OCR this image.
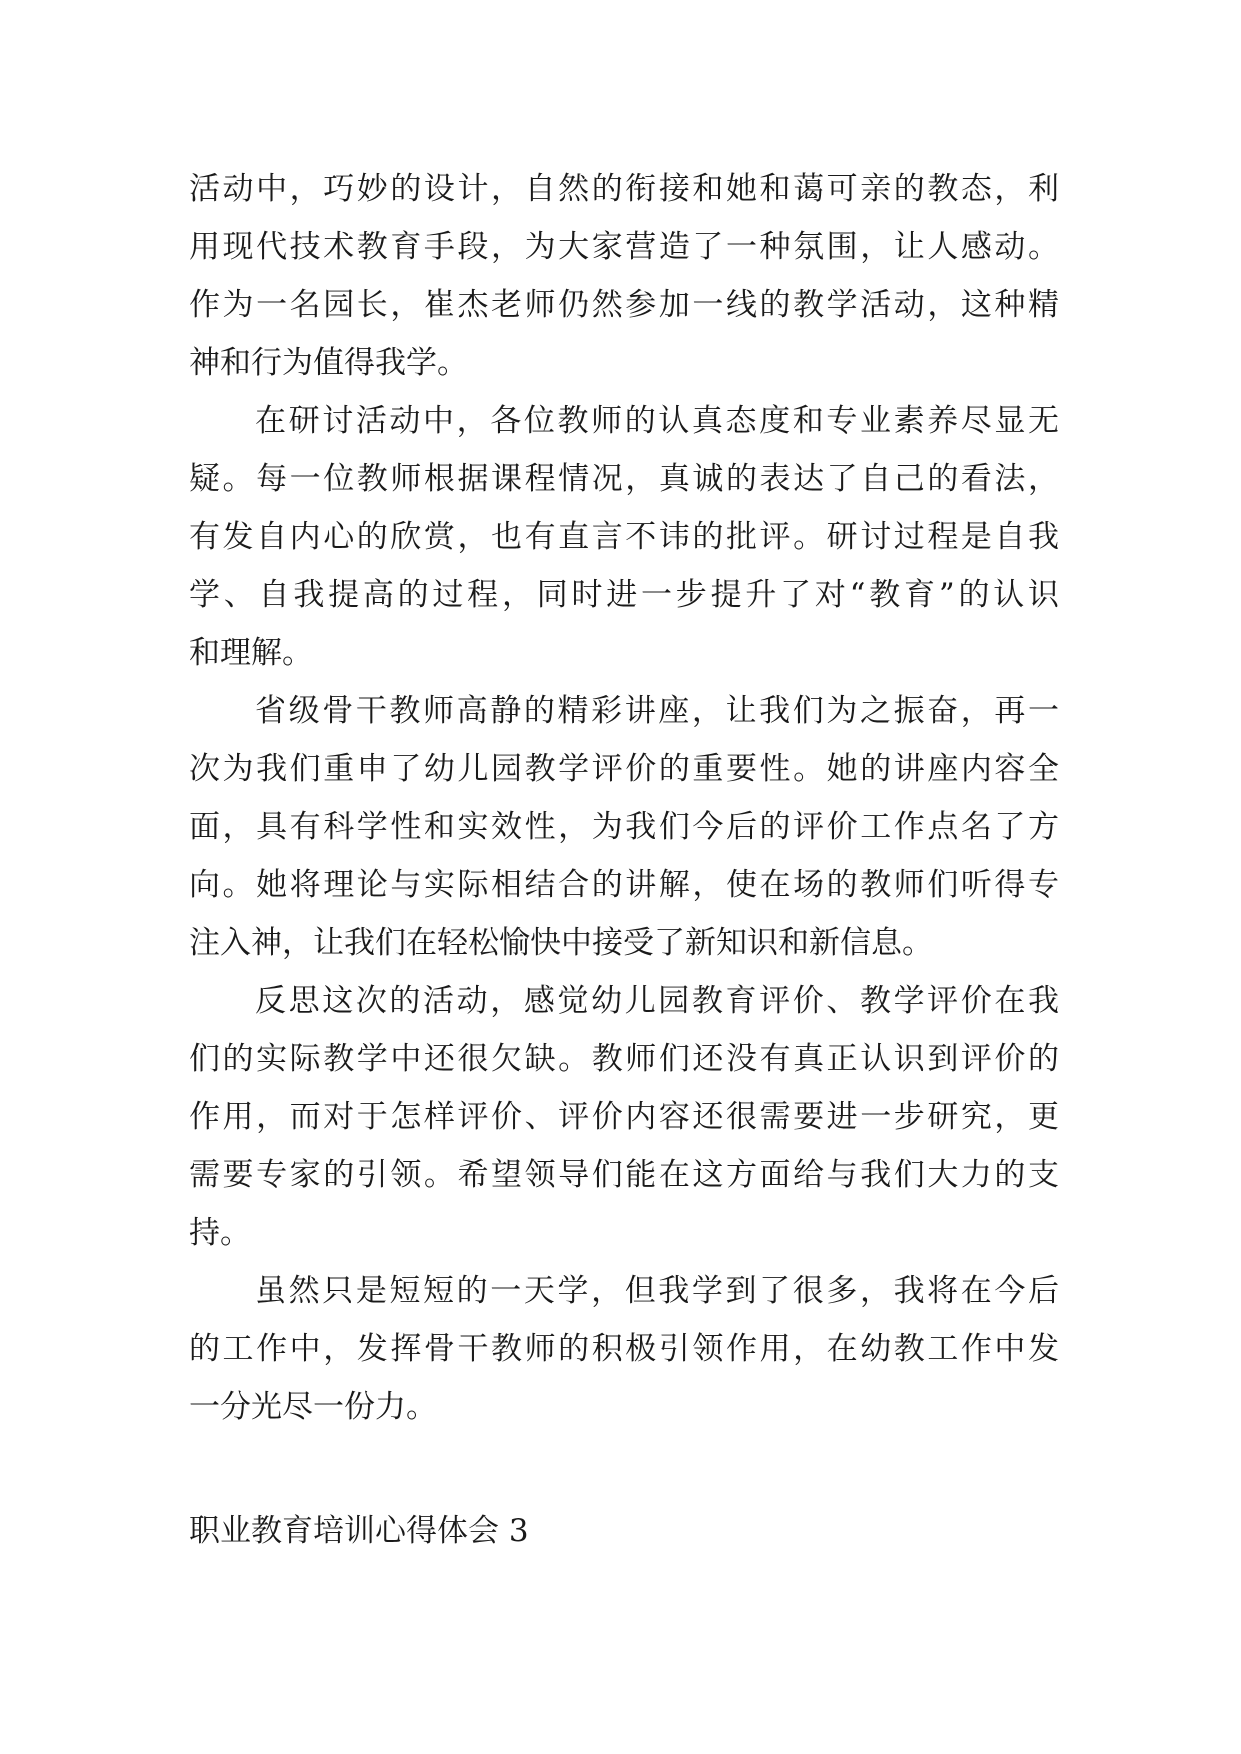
活动中，巧妙的设计，自然的衔接和她和蔼可亲的教态，利
用现代技术教育手段，为大家营造了一种氛围，让人感动。
作为一名园长，崔杰老师仍然参加一线的教学活动，这种精
神和行为值得我学。
在研讨活动中，各位教师的认真态度和专业素养尽显无
疑。每一位教师根据课程情况，真诚的表达了自己的看法，
有发自内心的欣赏，也有直言不讳的批评。研讨过程是自我
学、自我提高的过程，同时进一步提升了对“教育”的认识
和理解。
省级骨干教师高静的精彩讲座，让我们为之振奋，再一
次为我们重申了幼儿园教学评价的重要性。她的讲座内容全
面，具有科学性和实效性，为我们今后的评价工作点名了方
向。她将理论与实际相结合的讲解，使在场的教师们听得专
注入神，让我们在轻松愉快中接受了新知识和新信息。
反思这次的活动，感觉幼儿园教育评价、教学评价在我
们的实际教学中还很欠缺。教师们还没有真正认识到评价的
作用，而对于怎样评价、评价内容还很需要进一步研究，更
需要专家的引领。希望领导们能在这方面给与我们大力的支
持。
虽然只是短短的一天学，但我学到了很多，我将在今后
的工作中，发挥骨干教师的积极引领作用，在幼教工作中发
一分光尽一份力。
职业教育培训心得体会 3
